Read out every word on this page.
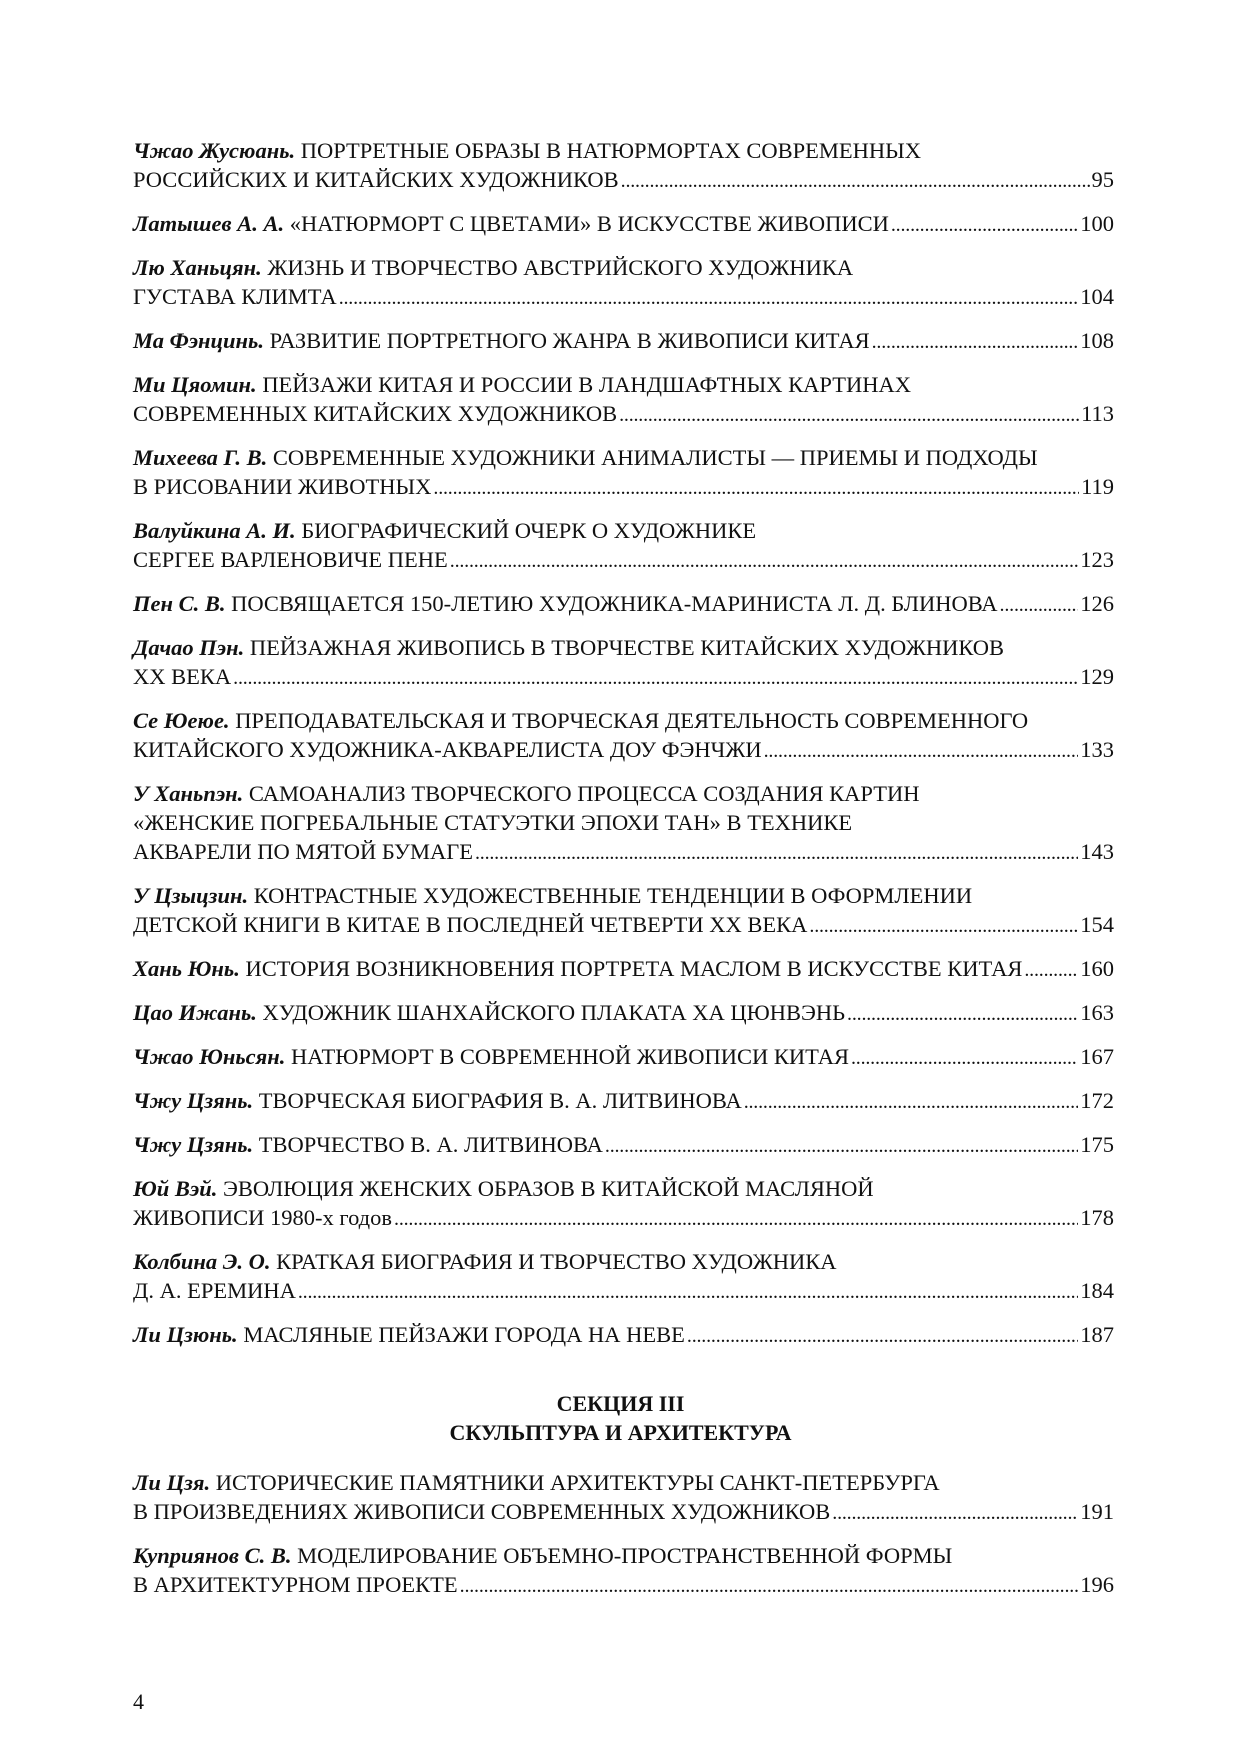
Чжао Жусюань.
ПОРТРЕТНЫЕ ОБРАЗЫ В НАТЮРМОРТАХ СОВРЕМЕННЫХ
РОССИЙСКИХ И КИТАЙСКИХ ХУДОЖНИКОВ . . .	95
Латышев А. А.
«НАТЮРМОРТ С ЦВЕТАМИ» В ИСКУССТВЕ ЖИВОПИСИ . . .	100
Лю Ханьцян.
ЖИЗНЬ И ТВОРЧЕСТВО АВСТРИЙСКОГО ХУДОЖНИКА
ГУСТАВА КЛИМТА . . .	104
Ма Фэнцинь.
РАЗВИТИЕ ПОРТРЕТНОГО ЖАНРА В ЖИВОПИСИ КИТАЯ . . .	108
Ми Цяомин.
ПЕЙЗАЖИ КИТАЯ И РОССИИ В ЛАНДШАФТНЫХ КАРТИНАХ
СОВРЕМЕННЫХ КИТАЙСКИХ ХУДОЖНИКОВ . . .	113
Михеева Г. В.
СОВРЕМЕННЫЕ ХУДОЖНИКИ АНИМАЛИСТЫ — ПРИЕМЫ И ПОДХОДЫ
В РИСОВАНИИ ЖИВОТНЫХ . . .	119
Валуйкина А. И.
БИОГРАФИЧЕСКИЙ ОЧЕРК О ХУДОЖНИКЕ
СЕРГЕЕ ВАРЛЕНОВИЧЕ ПЕНЕ . . .	123
Пен С. В.
ПОСВЯЩАЕТСЯ 150-ЛЕТИЮ ХУДОЖНИКА-МАРИНИСТА Л. Д. БЛИНОВА . . .	126
Дачао Пэн.
ПЕЙЗАЖНАЯ ЖИВОПИСЬ В ТВОРЧЕСТВЕ КИТАЙСКИХ ХУДОЖНИКОВ
XX ВЕКА . . .	129
Се Юеюе.
ПРЕПОДАВАТЕЛЬСКАЯ И ТВОРЧЕСКАЯ ДЕЯТЕЛЬНОСТЬ СОВРЕМЕННОГО
КИТАЙСКОГО ХУДОЖНИКА-АКВАРЕЛИСТА ДОУ ФЭНЧЖИ . . .	133
У Ханьпэн.
САМОАНАЛИЗ ТВОРЧЕСКОГО ПРОЦЕССА СОЗДАНИЯ КАРТИН
«ЖЕНСКИЕ ПОГРЕБАЛЬНЫЕ СТАТУЭТКИ ЭПОХИ ТАН» В ТЕХНИКЕ
АКВАРЕЛИ ПО МЯТОЙ БУМАГЕ . . .	143
У Цзыцзин.
КОНТРАСТНЫЕ ХУДОЖЕСТВЕННЫЕ ТЕНДЕНЦИИ В ОФОРМЛЕНИИ
ДЕТСКОЙ КНИГИ В КИТАЕ В ПОСЛЕДНЕЙ ЧЕТВЕРТИ XX ВЕКА . . .	154
Хань Юнь.
ИСТОРИЯ ВОЗНИКНОВЕНИЯ ПОРТРЕТА МАСЛОМ В ИСКУССТВЕ КИТАЯ . . .	160
Цао Ижань.
ХУДОЖНИК ШАНХАЙСКОГО ПЛАКАТА ХА ЦЮНВЭНЬ . . .	163
Чжао Юньсян.
НАТЮРМОРТ В СОВРЕМЕННОЙ ЖИВОПИСИ КИТАЯ . . .	167
Чжу Цзянь.
ТВОРЧЕСКАЯ БИОГРАФИЯ В. А. ЛИТВИНОВА . . .	172
Чжу Цзянь.
ТВОРЧЕСТВО В. А. ЛИТВИНОВА . . .	175
Юй Вэй.
ЭВОЛЮЦИЯ ЖЕНСКИХ ОБРАЗОВ В КИТАЙСКОЙ МАСЛЯНОЙ
ЖИВОПИСИ 1980-х годов . . .	178
Колбина Э. О.
КРАТКАЯ БИОГРАФИЯ И ТВОРЧЕСТВО ХУДОЖНИКА
Д. А. ЕРЕМИНА . . .	184
Ли Цзюнь.
МАСЛЯНЫЕ ПЕЙЗАЖИ ГОРОДА НА НЕВЕ . . .	187
СЕКЦИЯ III
СКУЛЬПТУРА И АРХИТЕКТУРА
Ли Цзя.
ИСТОРИЧЕСКИЕ ПАМЯТНИКИ АРХИТЕКТУРЫ САНКТ-ПЕТЕРБУРГА
В ПРОИЗВЕДЕНИЯХ ЖИВОПИСИ СОВРЕМЕННЫХ ХУДОЖНИКОВ . . .	191
Куприянов С. В.
МОДЕЛИРОВАНИЕ ОБЪЕМНО-ПРОСТРАНСТВЕННОЙ ФОРМЫ
В АРХИТЕКТУРНОМ ПРОЕКТЕ . . .	196
4
